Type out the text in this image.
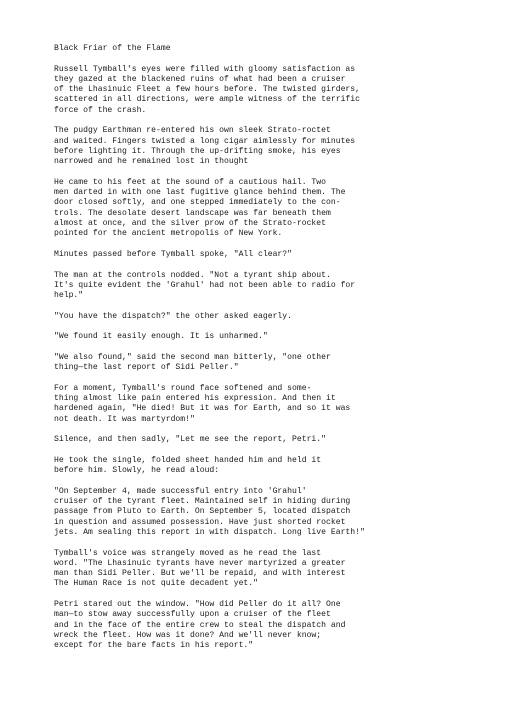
Black Friar of the Flame

Russell Tymball's eyes were filled with gloomy satisfaction as
they gazed at the blackened ruins of what had been a cruiser
of the Lhasinuic Fleet a few hours before. The twisted girders,
scattered in all directions, were ample witness of the terrific
force of the crash.

The pudgy Earthman re-entered his own sleek Strato-roctet
and waited. Fingers twisted a long cigar aimlessly for minutes
before lighting it. Through the up-drifting smoke, his eyes
narrowed and he remained lost in thought

He came to his feet at the sound of a cautious hail. Two
men darted in with one last fugitive glance behind them. The
door closed softly, and one stepped immediately to the con-
trols. The desolate desert landscape was far beneath them
almost at once, and the silver prow of the Strato-rocket
pointed for the ancient metropolis of New York.

Minutes passed before Tymball spoke, "All clear?"

The man at the controls nodded. "Not a tyrant ship about.
It's quite evident the 'Grahul' had not been able to radio for
help."

"You have the dispatch?" the other asked eagerly.

"We found it easily enough. It is unharmed."

"We also found," said the second man bitterly, "one other
thing—the last report of Sidi Peller."

For a moment, Tymball's round face softened and some-
thing almost like pain entered his expression. And then it
hardened again, "He died! But it was for Earth, and so it was
not death. It was martyrdom!"

Silence, and then sadly, "Let me see the report, Petri."

He took the single, folded sheet handed him and held it
before him. Slowly, he read aloud:

"On September 4, made successful entry into 'Grahul'
cruiser of the tyrant fleet. Maintained self in hiding during
passage from Pluto to Earth. On September 5, located dispatch
in question and assumed possession. Have just shorted rocket
jets. Am sealing this report in with dispatch. Long live Earth!"

Tymball's voice was strangely moved as he read the last
word. "The Lhasinuic tyrants have never martyrized a greater
man than Sidi Peller. But we'll be repaid, and with interest
The Human Race is not quite decadent yet."

Petri stared out the window. "How did Peller do it all? One
man—to stow away successfully upon a cruiser of the fleet
and in the face of the entire crew to steal the dispatch and
wreck the fleet. How was it done? And we'll never know;
except for the bare facts in his report."
